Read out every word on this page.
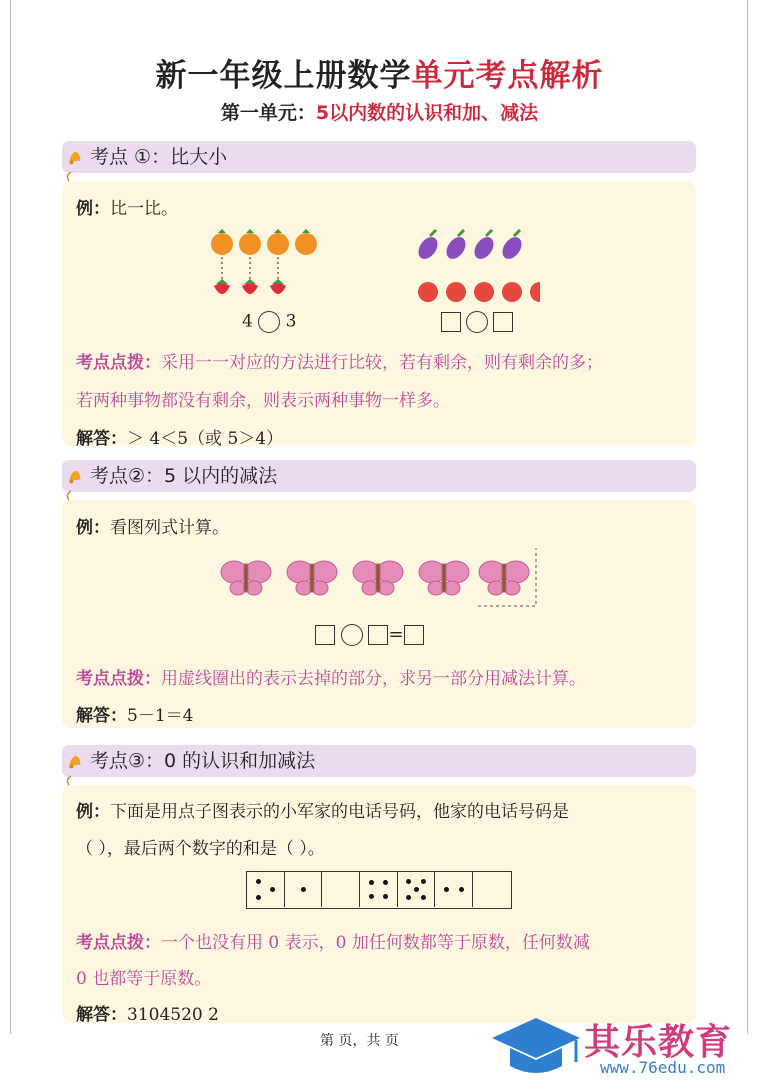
新一年级上册数学单元考点解析
第一单元：5以内数的认识和加、减法
考点 ①：比大小
例：比一比。
4 3

考点点拨：采用一一对应的方法进行比较，若有剩余，则有剩余的多；
若两种事物都没有剩余，则表示两种事物一样多。
解答：＞ 4＜5（或 5＞4）
考点②：5 以内的减法
例：看图列式计算。
=
考点点拨：用虚线圈出的表示去掉的部分，求另一部分用减法计算。
解答：5－1＝4
考点③：0 的认识和加减法
例：下面是用点子图表示的小军家的电话号码，他家的电话号码是
（ ），最后两个数字的和是（ ）。
考点点拨：一个也没有用 0 表示，0 加任何数都等于原数，任何数减
0 也都等于原数。
解答：3104520 2
第 页，共 页	其乐教育
www.76edu.com
